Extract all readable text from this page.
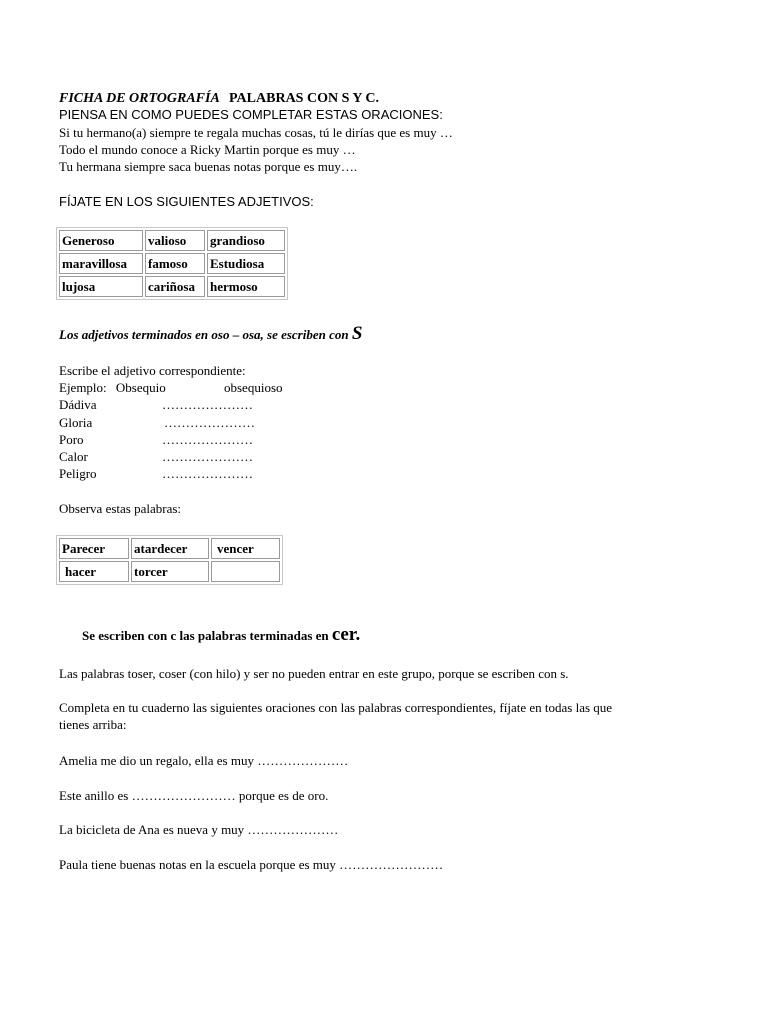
FICHA DE ORTOGRAFÍA PALABRAS CON S Y C.
PIENSA EN COMO PUEDES COMPLETAR ESTAS ORACIONES:
Si tu hermano(a) siempre te regala muchas cosas, tú le dirías que es muy …
Todo el mundo conoce a Ricky Martin porque es muy …
Tu hermana siempre saca buenas notas porque es muy….
FÍJATE EN LOS SIGUIENTES ADJETIVOS:
Generoso	valioso	grandioso
maravillosa	famoso	Estudiosa
lujosa	cariñosa	hermoso
Los adjetivos terminados en oso – osa, se escriben con S
Escribe el adjetivo correspondiente:
Ejemplo: Obsequio	obsequioso
Dádiva	…………………
Gloria	…………………
Poro	…………………
Calor	…………………
Peligro	…………………
Observa estas palabras:
Parecer	atardecer	vencer
hacer	torcer	
Se escriben con c las palabras terminadas en cer.
Las palabras toser, coser (con hilo) y ser no pueden entrar en este grupo, porque se escriben con s.
Completa en tu cuaderno las siguientes oraciones con las palabras correspondientes, fíjate en todas las que
tienes arriba:
Amelia me dio un regalo, ella es muy …………………
Este anillo es …………………… porque es de oro.
La bicicleta de Ana es nueva y muy …………………
Paula tiene buenas notas en la escuela porque es muy ……………………
